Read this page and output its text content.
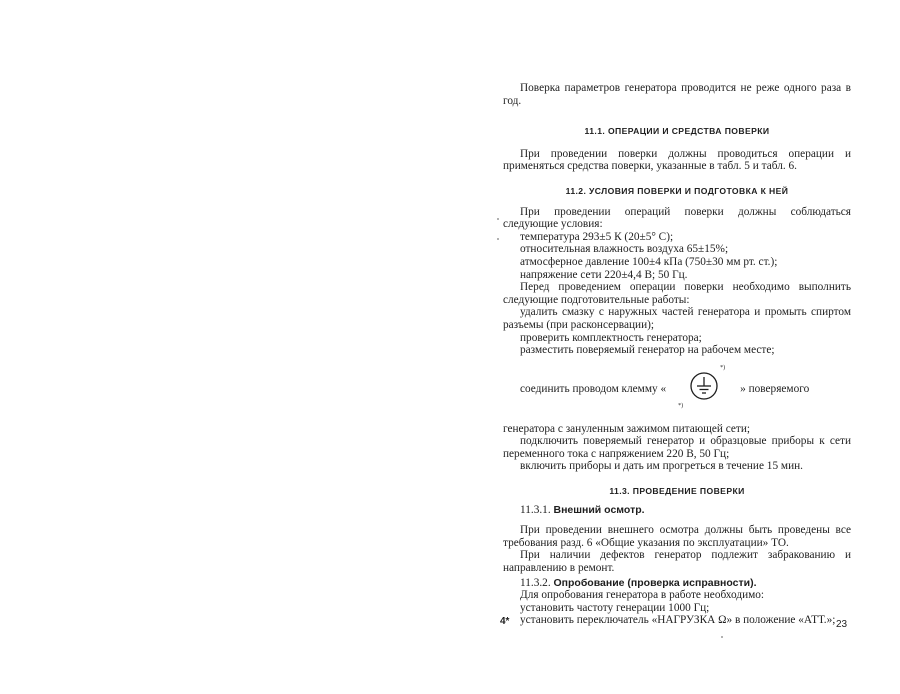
Поверка параметров генератора проводится не реже одного раза в год.

11.1. ОПЕРАЦИИ И СРЕДСТВА ПОВЕРКИ

При проведении поверки должны проводиться операции и применяться средства поверки, указанные в табл. 5 и табл. 6.

11.2. УСЛОВИЯ ПОВЕРКИ И ПОДГОТОВКА К НЕЙ

При проведении операций поверки должны соблюдаться следующие условия:

температура 293±5 К (20±5° С);

относительная влажность воздуха 65±15%;

атмосферное давление 100±4 кПа (750±30 мм рт. ст.);

напряжение сети 220±4,4 В; 50 Гц.

Перед проведением операции поверки необходимо выполнить следующие подготовительные работы:

удалить смазку с наружных частей генератора и промыть спиртом разъемы (при расконсервации);

проверить комплектность генератора;

разместить поверяемый генератор на рабочем месте;

соединить проводом клемму «
*)
*)
» поверяемого

генератора с зануленным зажимом питающей сети;

подключить поверяемый генератор и образцовые приборы к сети переменного тока с напряжением 220 В, 50 Гц;

включить приборы и дать им прогреться в течение 15 мин.

11.3. ПРОВЕДЕНИЕ ПОВЕРКИ

11.3.1. Внешний осмотр.

При проведении внешнего осмотра должны быть проведены все требования разд. 6 «Общие указания по эксплуатации» ТО.

При наличии дефектов генератор подлежит забракованию и направлению в ремонт.

11.3.2. Опробование (проверка исправности).

Для опробования генератора в работе необходимо:

установить частоту генерации 1000 Гц;

установить переключатель «НАГРУЗКА Ω» в положение «АТТ.»;

4*	23
